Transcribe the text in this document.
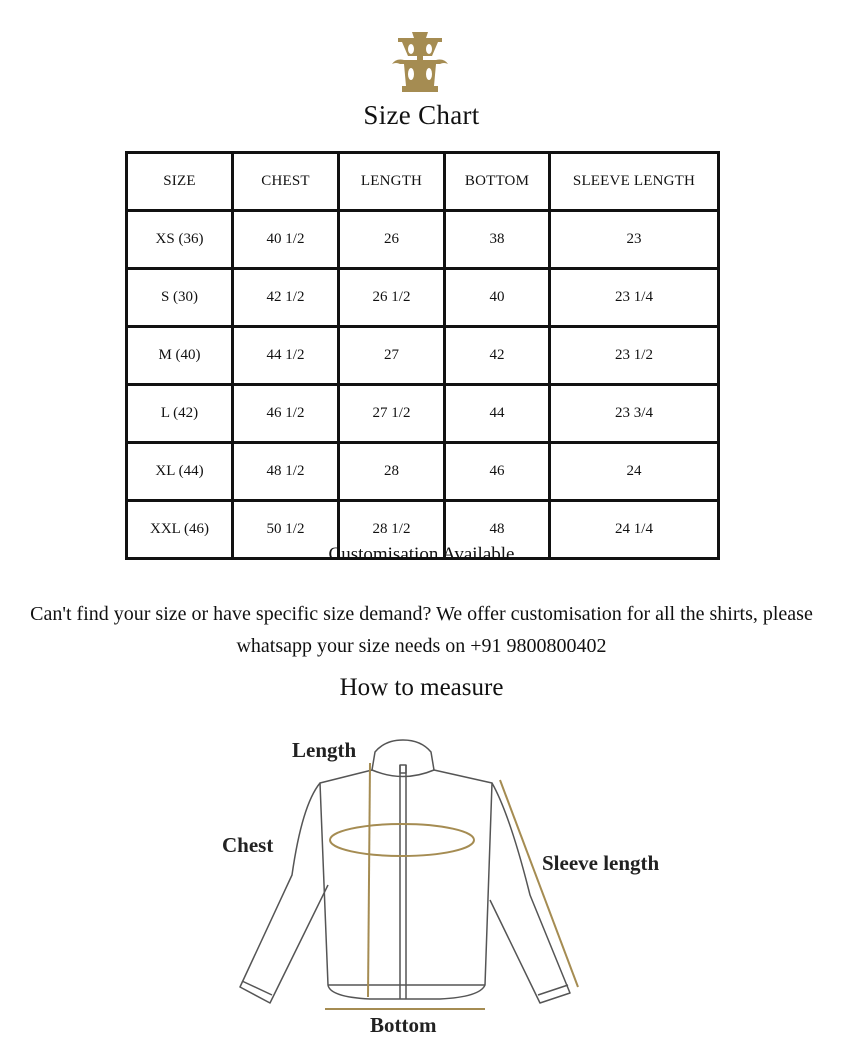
Size Chart
SIZE	CHEST	LENGTH	BOTTOM	SLEEVE LENGTH
XS (36)	40 1/2	26	38	23
S (30)	42 1/2	26 1/2	40	23 1/4
M (40)	44 1/2	27	42	23 1/2
L (42)	46 1/2	27 1/2	44	23 3/4
XL (44)	48 1/2	28	46	24
XXL (46)	50 1/2	28 1/2	48	24 1/4
Customisation Available
Can't find your size or have specific size demand? We offer customisation for all the shirts, please whatsapp your size needs on +91 9800800402
How to measure
Length
Chest
Sleeve length
Bottom
